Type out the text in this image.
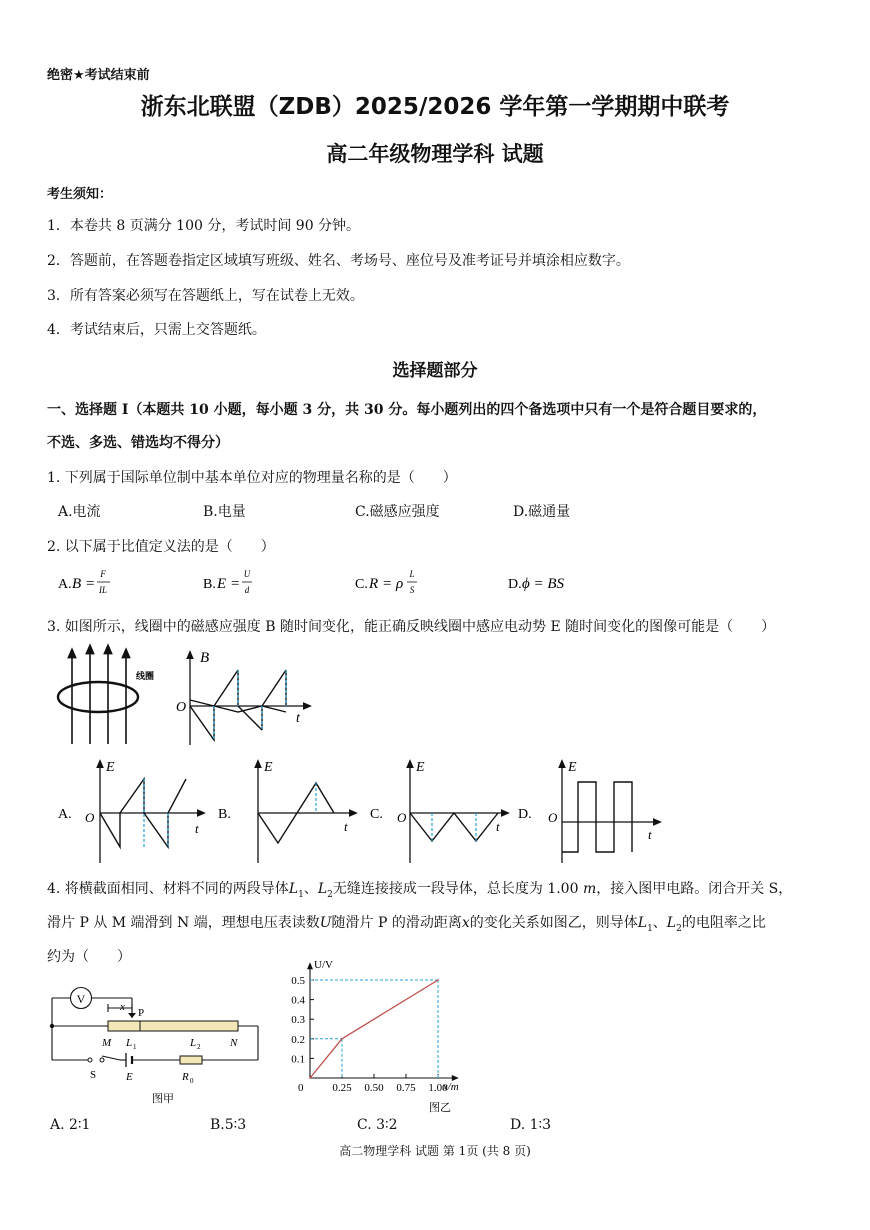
绝密★考试结束前
浙东北联盟（ZDB）2025/2026 学年第一学期期中联考
高二年级物理学科 试题
考生须知：
1．本卷共 8 页满分 100 分，考试时间 90 分钟。
2．答题前，在答题卷指定区域填写班级、姓名、考场号、座位号及准考证号并填涂相应数字。
3．所有答案必须写在答题纸上，写在试卷上无效。
4．考试结束后，只需上交答题纸。
选择题部分
一、选择题 I（本题共 10 小题，每小题 3 分，共 30 分。每小题列出的四个备选项中只有一个是符合题目要求的，
不选、多选、错选均不得分）
1. 下列属于国际单位制中基本单位对应的物理量名称的是（　　）
A.电流	B.电量	C.磁感应强度	D.磁通量
2. 以下属于比值定义法的是（　　）
A. B =
F
IL	B. E =
U
d	C. R = ρ
L
S	D. ϕ = BS
3. 如图所示，线圈中的磁感应强度 B 随时间变化，能正确反映线圈中感应电动势 E 随时间变化的图像可能是（　　）
线圈
B
O
t
A.
E
O
t
B.
E
t
C.
E
O
t
D.
E
O
t
4. 将横截面相同、材料不同的两段导体$L_1$、$L_2$无缝连接接成一段导体，总长度为 1.00 m，接入图甲电路。闭合开关 S，
滑片 P 从 M 端滑到 N 端，理想电压表读数U随滑片 P 的滑动距离x的变化关系如图乙，则导体$L_1$、$L_2$的电阻率之比
约为（　　）
V
x P
M L 1	L 2	N
S	E	R 0
图甲
U/V
x/m
0
0.1
0.2
0.3
0.4
0.5
0.25 0.50 0.75 1.00
图乙
A. 2∶1	B.5∶3	C. 3∶2	D. 1∶3
高二物理学科 试题 第 1页 (共 8 页)
